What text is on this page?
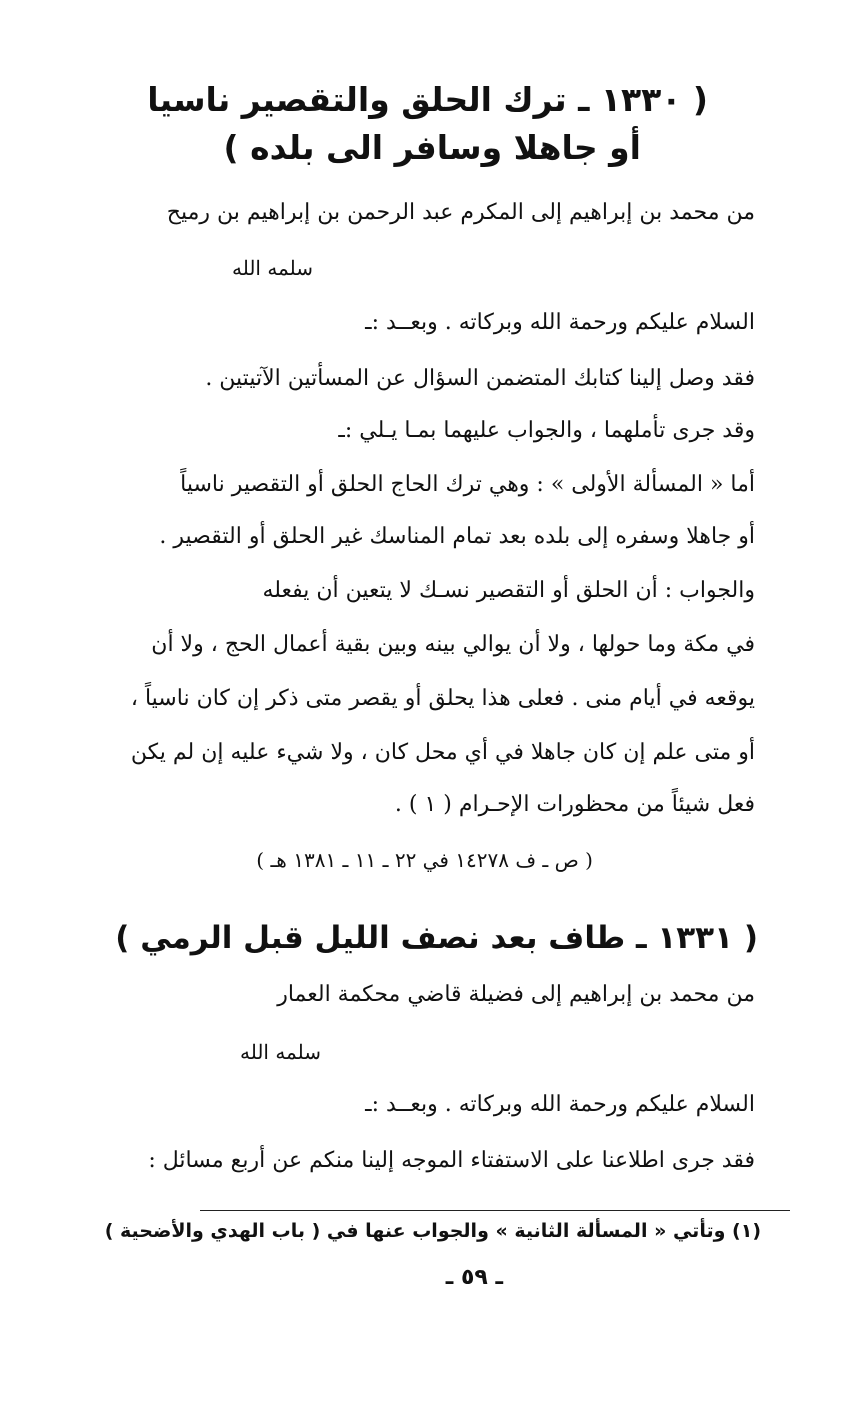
( ١٣٣٠ ـ ترك الحلق والتقصير ناسيا
أو جاهلا وسافر الى بلده )
من محمد بن إبراهيم إلى المكرم عبد الرحمن بن إبراهيم بن رميح
سلمه الله
السلام عليكم ورحمة الله وبركاته . وبعــد :ـ
فقد وصل إلينا كتابك المتضمن السؤال عن المسأتين الآتيتين .
وقد جرى تأملهما ، والجواب عليهما بمـا يـلي :ـ
أما « المسألة الأولى » : وهي ترك الحاج الحلق أو التقصير ناسياً
أو جاهلا وسفره إلى بلده بعد تمام المناسك غير الحلق أو التقصير .
والجواب : أن الحلق أو التقصير نسـك لا يتعين أن يفعله
في مكة وما حولها ، ولا أن يوالي بينه وبين بقية أعمال الحج ، ولا أن
يوقعه في أيام منى . فعلى هذا يحلق أو يقصر متى ذكر إن كان ناسياً ،
أو متى علم إن كان جاهلا في أي محل كان ، ولا شيء عليه إن لم يكن
فعل شيئاً من محظورات الإحـرام ( ١ ) .
( ص ـ ف ١٤٢٧٨ في ٢٢ ـ ١١ ـ ١٣٨١ هـ )
( ١٣٣١ ـ طاف بعد نصف الليل قبل الرمي )
من محمد بن إبراهيم إلى فضيلة قاضي محكمة العمار
سلمه الله
السلام عليكم ورحمة الله وبركاته . وبعــد :ـ
فقد جرى اطلاعنا على الاستفتاء الموجه إلينا منكم عن أربع مسائل :
(١) وتأتي « المسألة الثانية » والجواب عنها في ( باب الهدي والأضحية )
ـ ٥٩ ـ
